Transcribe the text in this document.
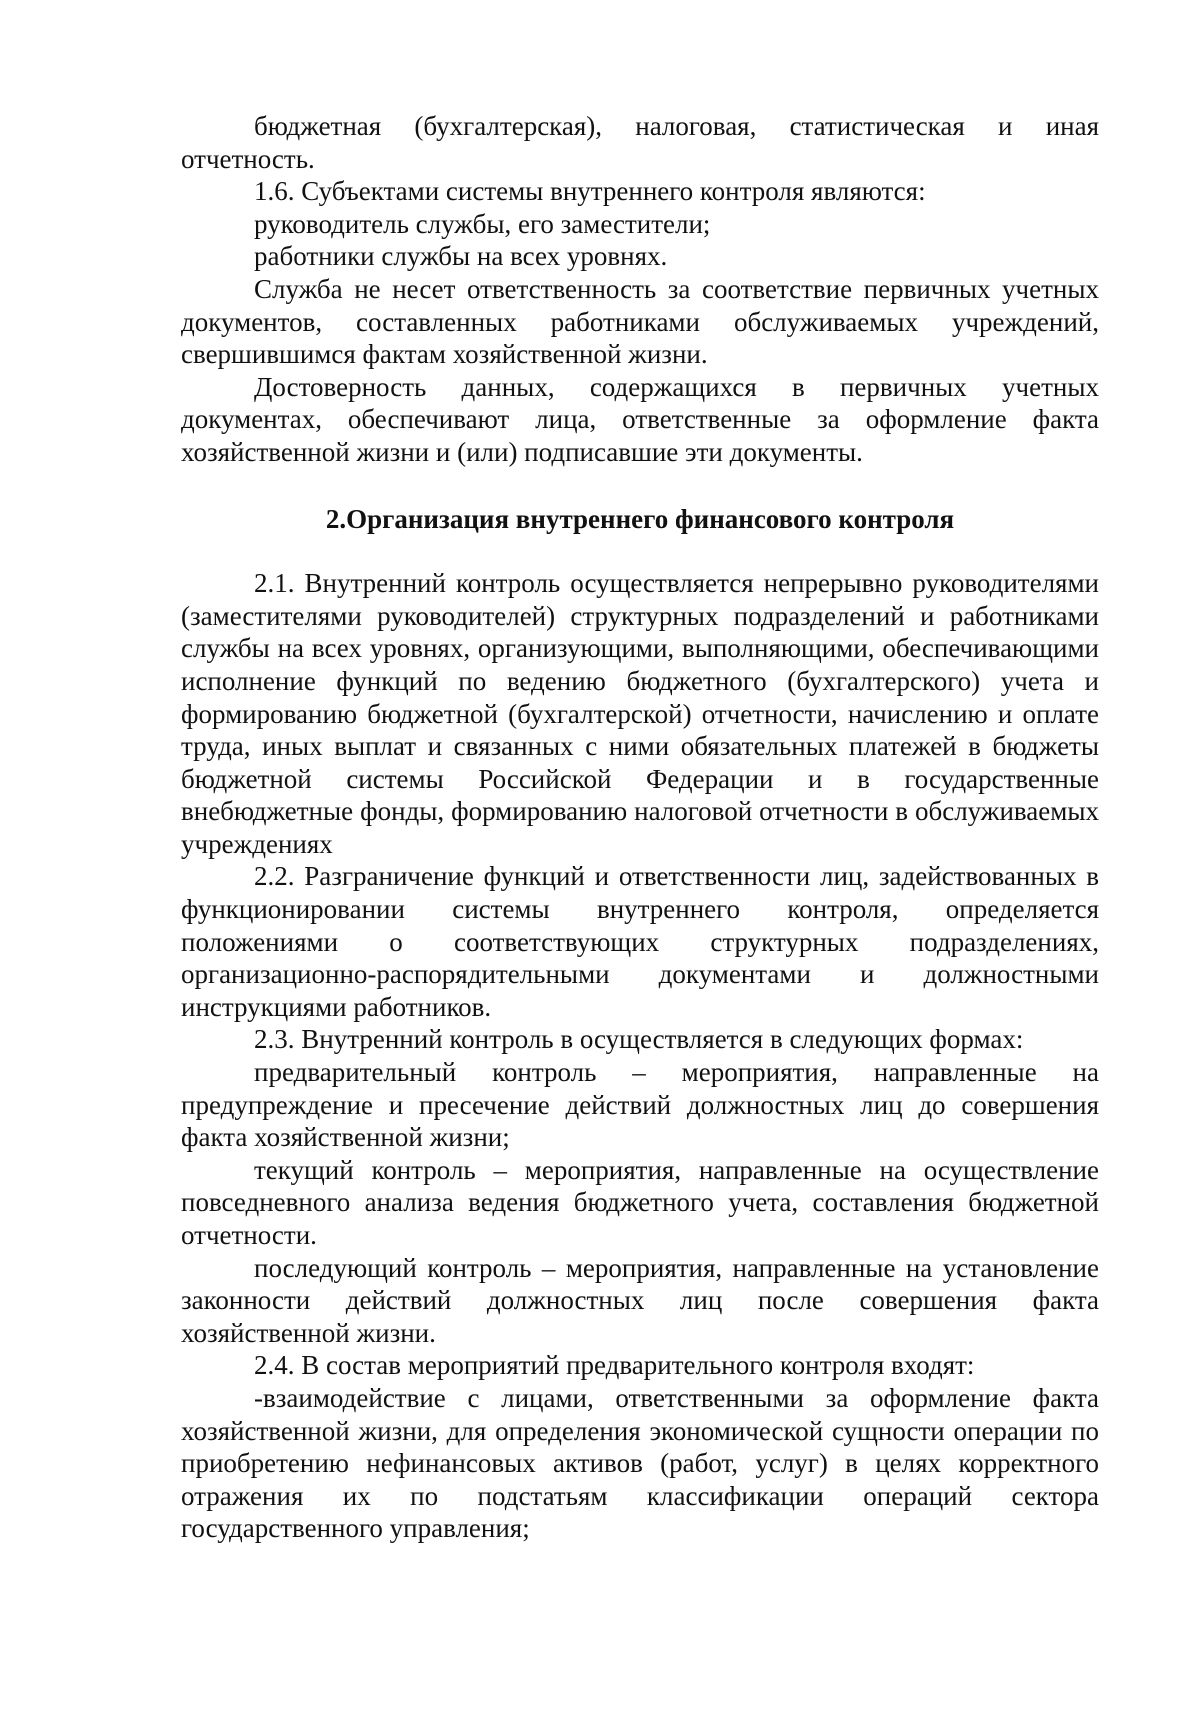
бюджетная (бухгалтерская), налоговая, статистическая и иная отчетность.

1.6. Субъектами системы внутреннего контроля являются:

руководитель службы, его заместители;

работники службы на всех уровнях.

Служба не несет ответственность за соответствие первичных учетных документов, составленных работниками обслуживаемых учреждений, свершившимся фактам хозяйственной жизни.

Достоверность данных, содержащихся в первичных учетных документах, обеспечивают лица, ответственные за оформление факта хозяйственной жизни и (или) подписавшие эти документы.

2.Организация внутреннего финансового контроля

2.1. Внутренний контроль осуществляется непрерывно руководителями (заместителями руководителей) структурных подразделений и работниками службы на всех уровнях, организующими, выполняющими, обеспечивающими исполнение функций по ведению бюджетного (бухгалтерского) учета и формированию бюджетной (бухгалтерской) отчетности, начислению и оплате труда, иных выплат и связанных с ними обязательных платежей в бюджеты бюджетной системы Российской Федерации и в государственные внебюджетные фонды, формированию налоговой отчетности в обслуживаемых учреждениях

2.2. Разграничение функций и ответственности лиц, задействованных в функционировании системы внутреннего контроля, определяется положениями о соответствующих структурных подразделениях, организационно-распорядительными документами и должностными инструкциями работников.

2.3. Внутренний контроль в осуществляется в следующих формах:

предварительный контроль – мероприятия, направленные на предупреждение и пресечение действий должностных лиц до совершения факта хозяйственной жизни;

текущий контроль – мероприятия, направленные на осуществление повседневного анализа ведения бюджетного учета, составления бюджетной отчетности.

последующий контроль – мероприятия, направленные на установление законности действий должностных лиц после совершения факта хозяйственной жизни.

2.4. В состав мероприятий предварительного контроля входят:

-взаимодействие с лицами, ответственными за оформление факта хозяйственной жизни, для определения экономической сущности операции по приобретению нефинансовых активов (работ, услуг) в целях корректного отражения их по подстатьям классификации операций сектора государственного управления;
